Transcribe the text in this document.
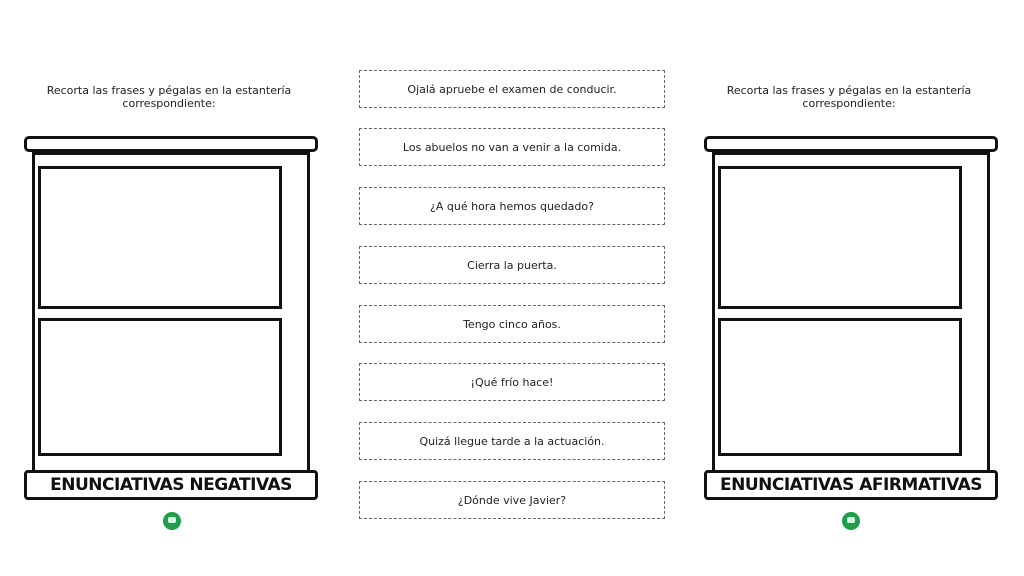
Recorta las frases y pégalas en la estantería correspondiente:
ENUNCIATIVAS NEGATIVAS
Ojalá apruebe el examen de conducir.
Los abuelos no van a venir a la comida.
¿A qué hora hemos quedado?
Cierra la puerta.
Tengo cinco años.
¡Qué frío hace!
Quizá llegue tarde a la actuación.
¿Dónde vive Javier?
Recorta las frases y pégalas en la estantería correspondiente:
ENUNCIATIVAS AFIRMATIVAS
